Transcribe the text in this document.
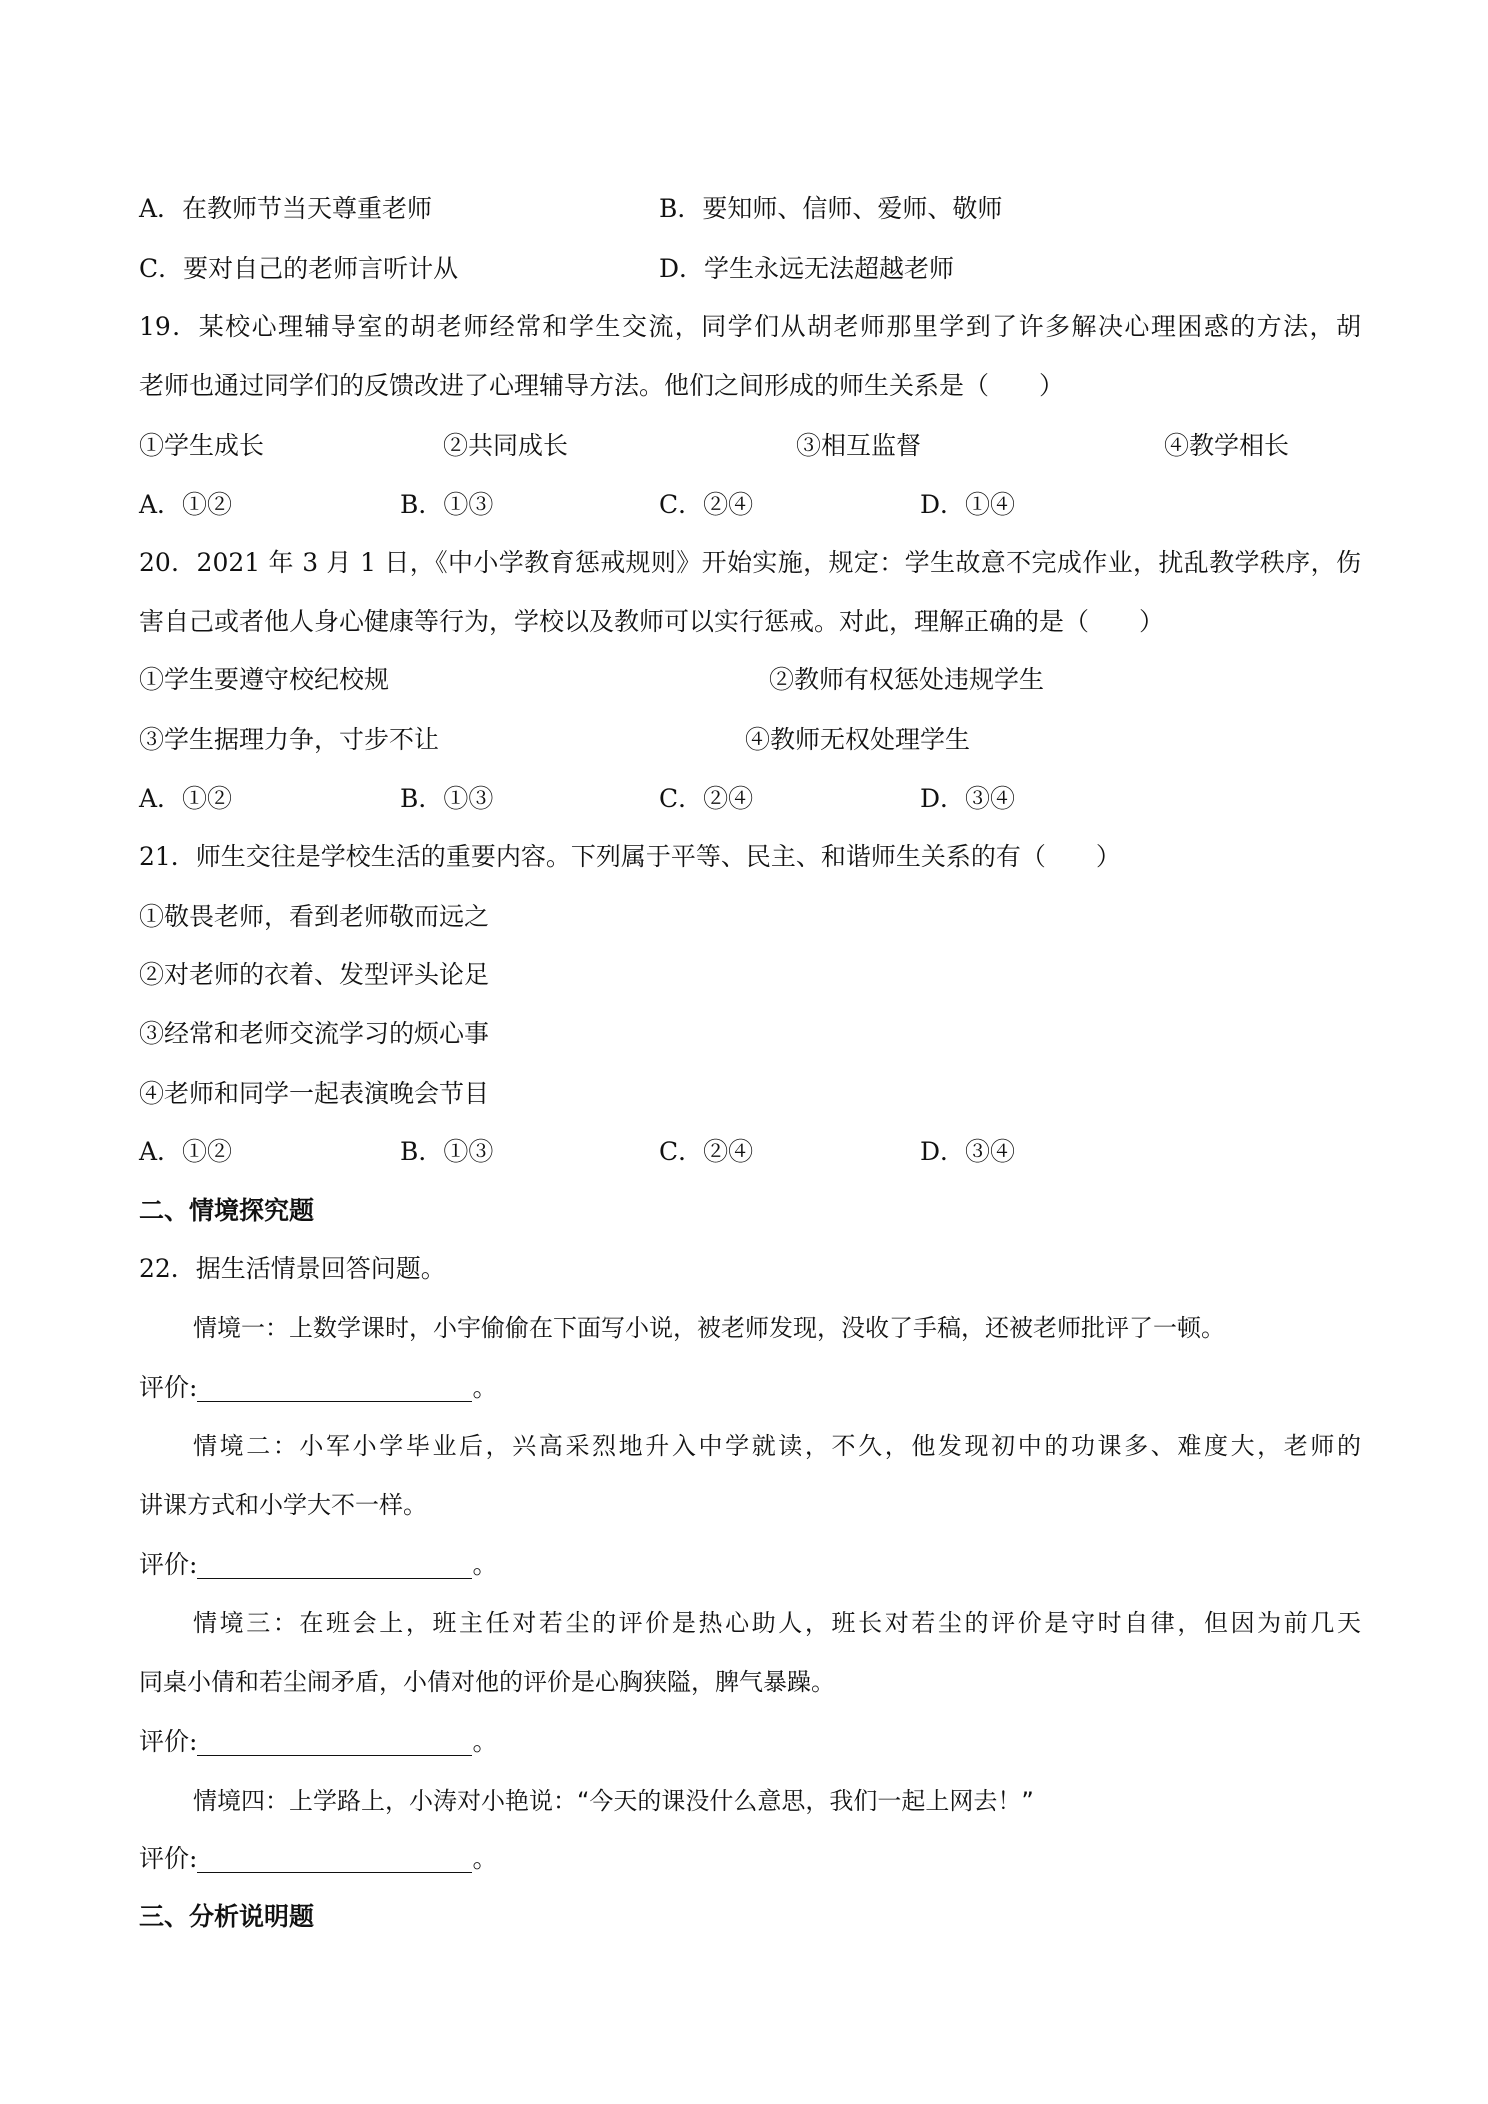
A．在教师节当天尊重老师	B．要知师、信师、爱师、敬师
C．要对自己的老师言听计从	D．学生永远无法超越老师
19．某校心理辅导室的胡老师经常和学生交流，同学们从胡老师那里学到了许多解决心理困惑的方法，胡
老师也通过同学们的反馈改进了心理辅导方法。他们之间形成的师生关系是（　　）
①学生成长	②共同成长	③相互监督	④教学相长
A．①②	B．①③	C．②④	D．①④
20．2021 年 3 月 1 日，《中小学教育惩戒规则》开始实施，规定：学生故意不完成作业，扰乱教学秩序，伤
害自己或者他人身心健康等行为，学校以及教师可以实行惩戒。对此，理解正确的是（　　）
①学生要遵守校纪校规	②教师有权惩处违规学生
③学生据理力争，寸步不让	④教师无权处理学生
A．①②	B．①③	C．②④	D．③④
21．师生交往是学校生活的重要内容。下列属于平等、民主、和谐师生关系的有（　　）
①敬畏老师，看到老师敬而远之
②对老师的衣着、发型评头论足
③经常和老师交流学习的烦心事
④老师和同学一起表演晚会节目
A．①②	B．①③	C．②④	D．③④
二、情境探究题
22．据生活情景回答问题。
情境一：上数学课时，小宇偷偷在下面写小说，被老师发现，没收了手稿，还被老师批评了一顿。
评价:	。
情境二：小军小学毕业后，兴高采烈地升入中学就读，不久，他发现初中的功课多、难度大，老师的
讲课方式和小学大不一样。
评价:	。
情境三：在班会上，班主任对若尘的评价是热心助人，班长对若尘的评价是守时自律，但因为前几天
同桌小倩和若尘闹矛盾，小倩对他的评价是心胸狭隘，脾气暴躁。
评价:	。
情境四：上学路上，小涛对小艳说：“今天的课没什么意思，我们一起上网去！”
评价:	。
三、分析说明题
